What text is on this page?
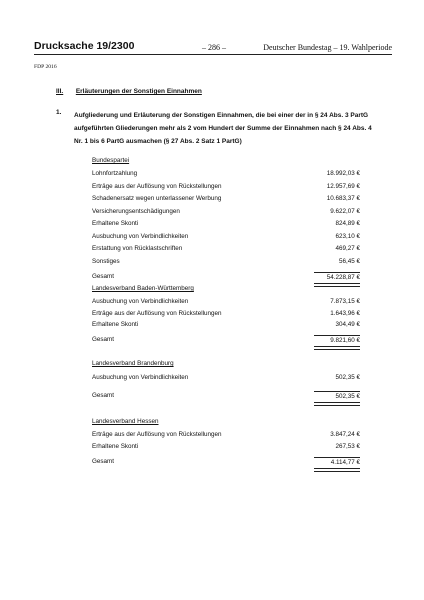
Drucksache 19/2300	– 286 –	Deutscher Bundestag – 19. Wahlperiode
FDP 2016
III. Erläuterungen der Sonstigen Einnahmen
1. Aufgliederung und Erläuterung der Sonstigen Einnahmen, die bei einer der in § 24 Abs. 3 PartG aufgeführten Gliederungen mehr als 2 vom Hundert der Summe der Einnahmen nach § 24 Abs. 4 Nr. 1 bis 6 PartG ausmachen (§ 27 Abs. 2 Satz 1 PartG)
Bundespartei
Lohnfortzahlung	18.992,03 €
Erträge aus der Auflösung von Rückstellungen	12.957,69 €
Schadenersatz wegen unterlassener Werbung	10.683,37 €
Versicherungsentschädigungen	9.622,07 €
Erhaltene Skonti	824,89 €
Ausbuchung von Verbindlichkeiten	623,10 €
Erstattung von Rücklastschriften	469,27 €
Sonstiges	56,45 €
Gesamt	54.228,87 €
Landesverband Baden-Württemberg
Ausbuchung von Verbindlichkeiten	7.873,15 €
Erträge aus der Auflösung von Rückstellungen	1.643,96 €
Erhaltene Skonti	304,49 €
Gesamt	9.821,60 €
Landesverband Brandenburg
Ausbuchung von Verbindlichkeiten	502,35 €
Gesamt	502,35 €
Landesverband Hessen
Erträge aus der Auflösung von Rückstellungen	3.847,24 €
Erhaltene Skonti	267,53 €
Gesamt	4.114,77 €
